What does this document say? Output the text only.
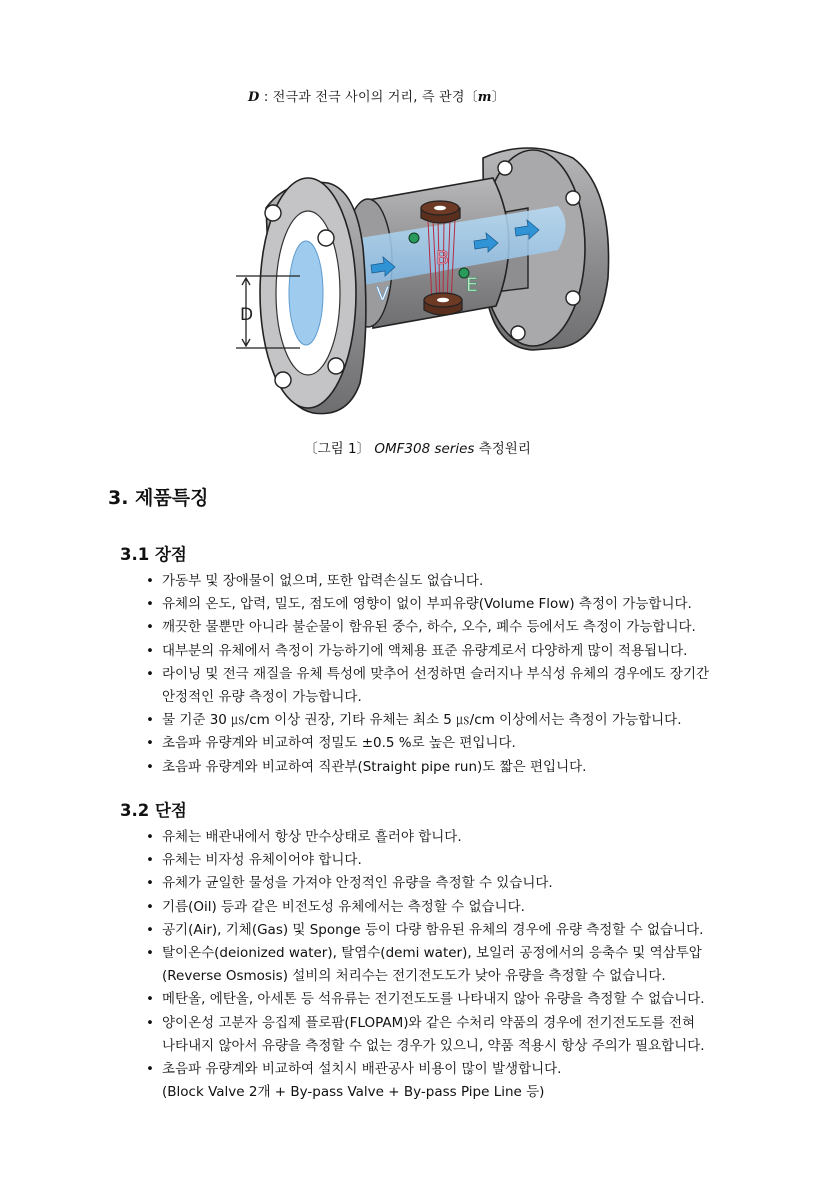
D : 전극과 전극 사이의 거리, 즉 관경〔m〕
D
V
B
E
〔그림 1〕 OMF308 series 측정원리
3. 제품특징
3.1 장점
• 가동부 및 장애물이 없으며, 또한 압력손실도 없습니다.
• 유체의 온도, 압력, 밀도, 점도에 영향이 없이 부피유량(Volume Flow) 측정이 가능합니다.
• 깨끗한 물뿐만 아니라 불순물이 함유된 중수, 하수, 오수, 폐수 등에서도 측정이 가능합니다.
• 대부분의 유체에서 측정이 가능하기에 액체용 표준 유량계로서 다양하게 많이 적용됩니다.
• 라이닝 및 전극 재질을 유체 특성에 맞추어 선정하면 슬러지나 부식성 유체의 경우에도 장기간
안정적인 유량 측정이 가능합니다.
• 물 기준 30 ㎲/cm 이상 권장, 기타 유체는 최소 5 ㎲/cm 이상에서는 측정이 가능합니다.
• 초음파 유량계와 비교하여 정밀도 ±0.5 %로 높은 편입니다.
• 초음파 유량계와 비교하여 직관부(Straight pipe run)도 짧은 편입니다.
3.2 단점
• 유체는 배관내에서 항상 만수상태로 흘러야 합니다.
• 유체는 비자성 유체이어야 합니다.
• 유체가 균일한 물성을 가져야 안정적인 유량을 측정할 수 있습니다.
• 기름(Oil) 등과 같은 비전도성 유체에서는 측정할 수 없습니다.
• 공기(Air), 기체(Gas) 및 Sponge 등이 다량 함유된 유체의 경우에 유량 측정할 수 없습니다.
• 탈이온수(deionized water), 탈염수(demi water), 보일러 공정에서의 응축수 및 역삼투압
(Reverse Osmosis) 설비의 처리수는 전기전도도가 낮아 유량을 측정할 수 없습니다.
• 메탄올, 에탄올, 아세톤 등 석유류는 전기전도도를 나타내지 않아 유량을 측정할 수 없습니다.
• 양이온성 고분자 응집제 플로팜(FLOPAM)와 같은 수처리 약품의 경우에 전기전도도를 전혀
나타내지 않아서 유량을 측정할 수 없는 경우가 있으니, 약품 적용시 항상 주의가 필요합니다.
• 초음파 유량계와 비교하여 설치시 배관공사 비용이 많이 발생합니다.
(Block Valve 2개 + By-pass Valve + By-pass Pipe Line 등)
